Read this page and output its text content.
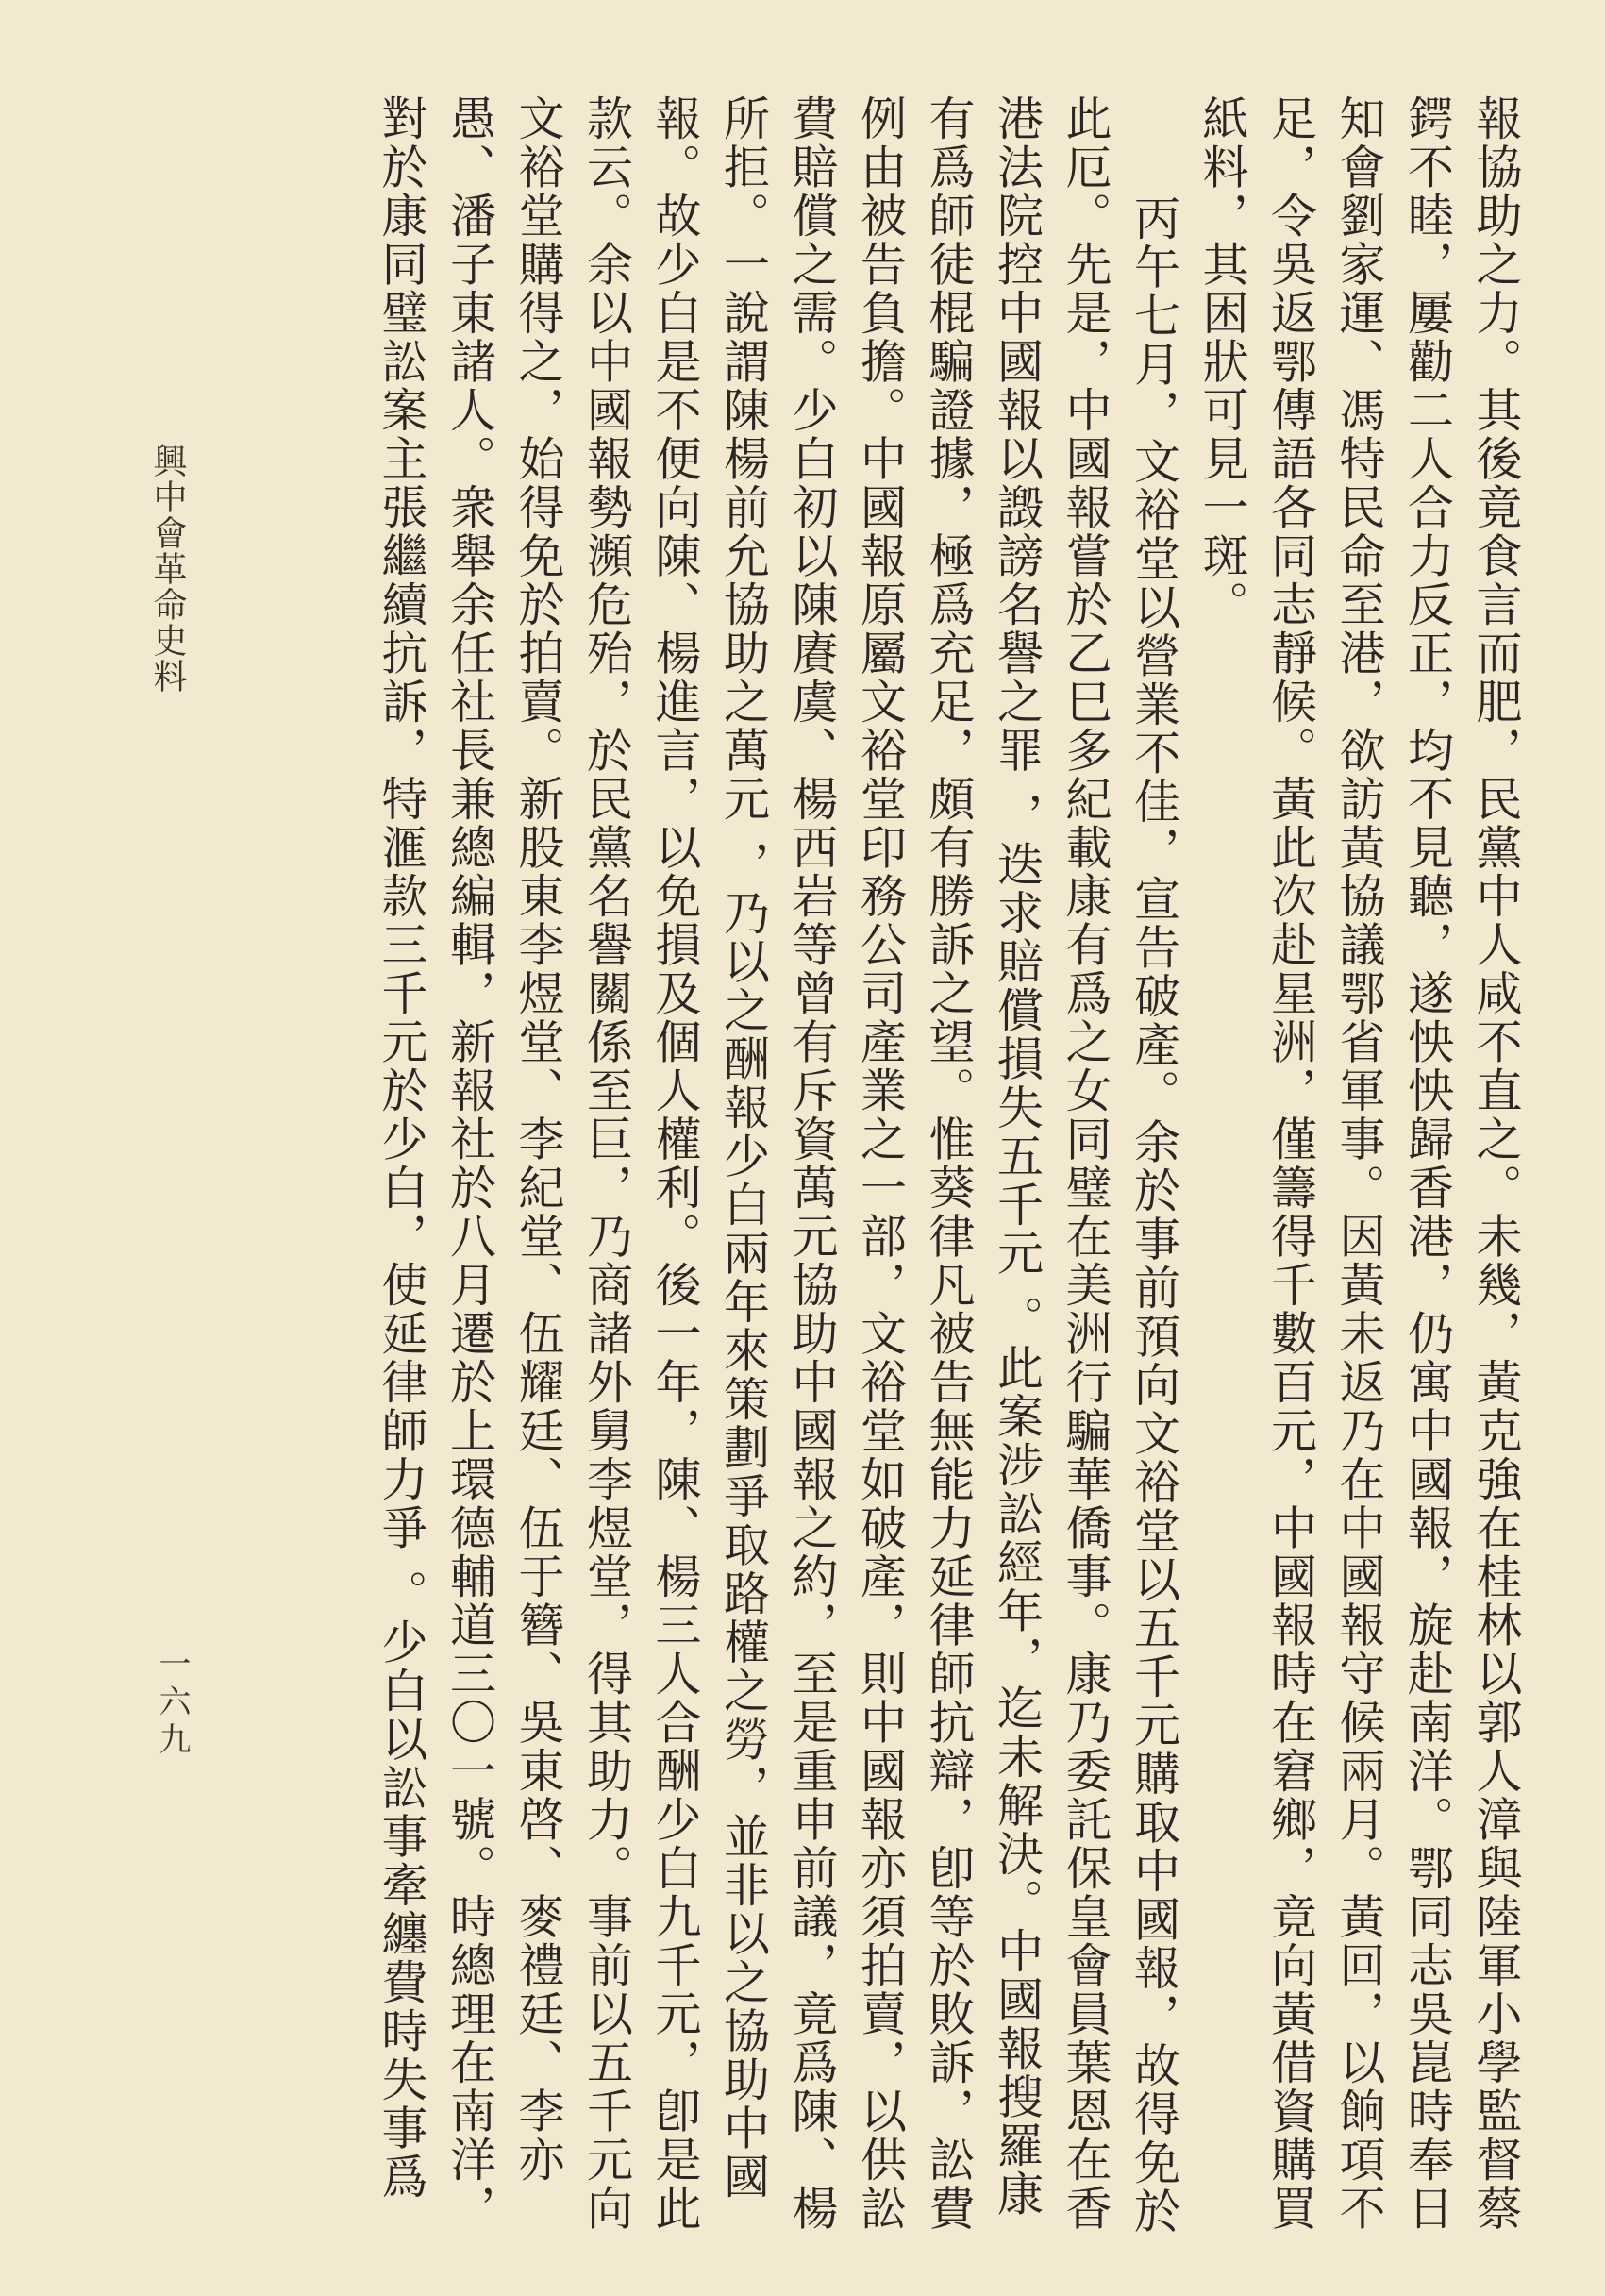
報協助之力。其後竟食言而肥，民黨中人咸不直之。未幾，黃克強在桂林以郭人漳與陸軍小學監督蔡
鍔不睦，屢勸二人合力反正，均不見聽，遂怏怏歸香港，仍寓中國報，旋赴南洋。鄂同志吳崑時奉日
知會劉家運、馮特民命至港，欲訪黃協議鄂省軍事。因黃未返乃在中國報守候兩月。黃回，以餉項不
足，令吳返鄂傳語各同志靜候。黃此次赴星洲，僅籌得千數百元，中國報時在窘鄉，竟向黃借資購買
紙料，其困狀可見一斑。
丙午七月，文裕堂以營業不佳，宣告破產。余於事前預向文裕堂以五千元購取中國報，故得免於
此厄。先是，中國報嘗於乙巳多紀載康有爲之女同璧在美洲行騙華僑事。康乃委託保皇會員葉恩在香
港法院控中國報以譭謗名譽之罪 ，迭求賠償損失五千元 。此案涉訟經年，迄未解決。中國報搜羅康
有爲師徒棍騙證據，極爲充足，頗有勝訴之望。惟葵律凡被告無能力延律師抗辯，卽等於敗訴，訟費
例由被告負擔。中國報原屬文裕堂印務公司產業之一部，文裕堂如破產，則中國報亦須拍賣，以供訟
費賠償之需。少白初以陳賡虞、楊西岩等曾有斥資萬元協助中國報之約，至是重申前議，竟爲陳、楊
所拒。一說謂陳楊前允協助之萬元 ，乃以之酬報少白兩年來策劃爭取路權之勞，並非以之協助中國
報。故少白是不便向陳、楊進言，以免損及個人權利。後一年，陳、楊三人合酬少白九千元，卽是此
款云。余以中國報勢瀕危殆，於民黨名譽關係至巨，乃商諸外舅李煜堂，得其助力。事前以五千元向
文裕堂購得之，始得免於拍賣。新股東李煜堂、李紀堂、伍耀廷、伍于簪、吳東啓、麥禮廷、李亦
愚、潘子東諸人。衆舉余任社長兼總編輯，新報社於八月遷於上環德輔道三〇一號。時總理在南洋，
對於康同璧訟案主張繼續抗訴，特滙款三千元於少白，使延律師力爭 。少白以訟事牽纏費時失事爲
興中會革命史料
一六九
